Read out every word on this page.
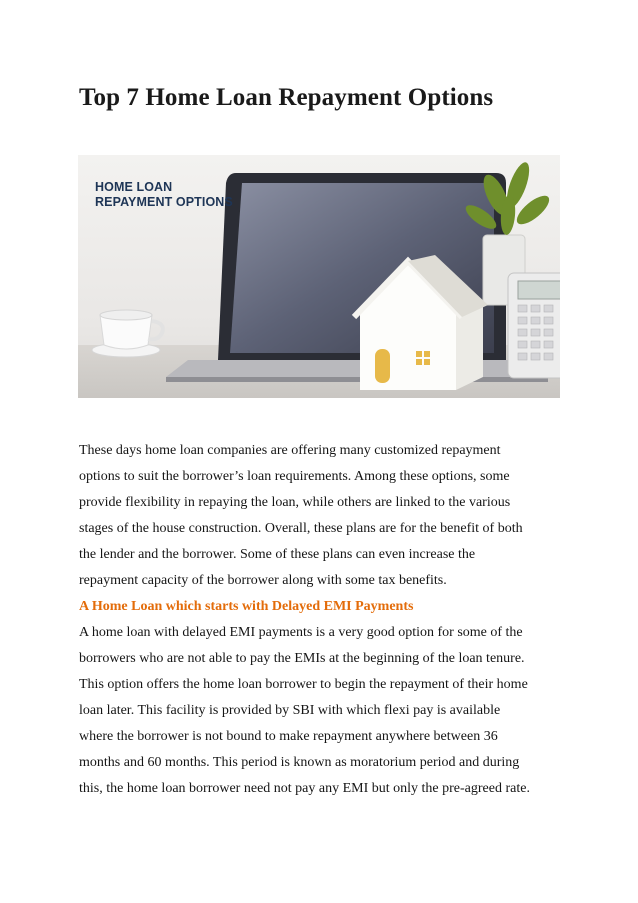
Top 7 Home Loan Repayment Options
HOME LOAN
REPAYMENT OPTIONS

These days home loan companies are offering many customized repayment
options to suit the borrower’s loan requirements. Among these options, some
provide flexibility in repaying the loan, while others are linked to the various
stages of the house construction. Overall, these plans are for the benefit of both
the lender and the borrower. Some of these plans can even increase the
repayment capacity of the borrower along with some tax benefits.

A Home Loan which starts with Delayed EMI Payments

A home loan with delayed EMI payments is a very good option for some of the
borrowers who are not able to pay the EMIs at the beginning of the loan tenure.
This option offers the home loan borrower to begin the repayment of their home
loan later. This facility is provided by SBI with which flexi pay is available
where the borrower is not bound to make repayment anywhere between 36
months and 60 months. This period is known as moratorium period and during
this, the home loan borrower need not pay any EMI but only the pre-agreed rate.
